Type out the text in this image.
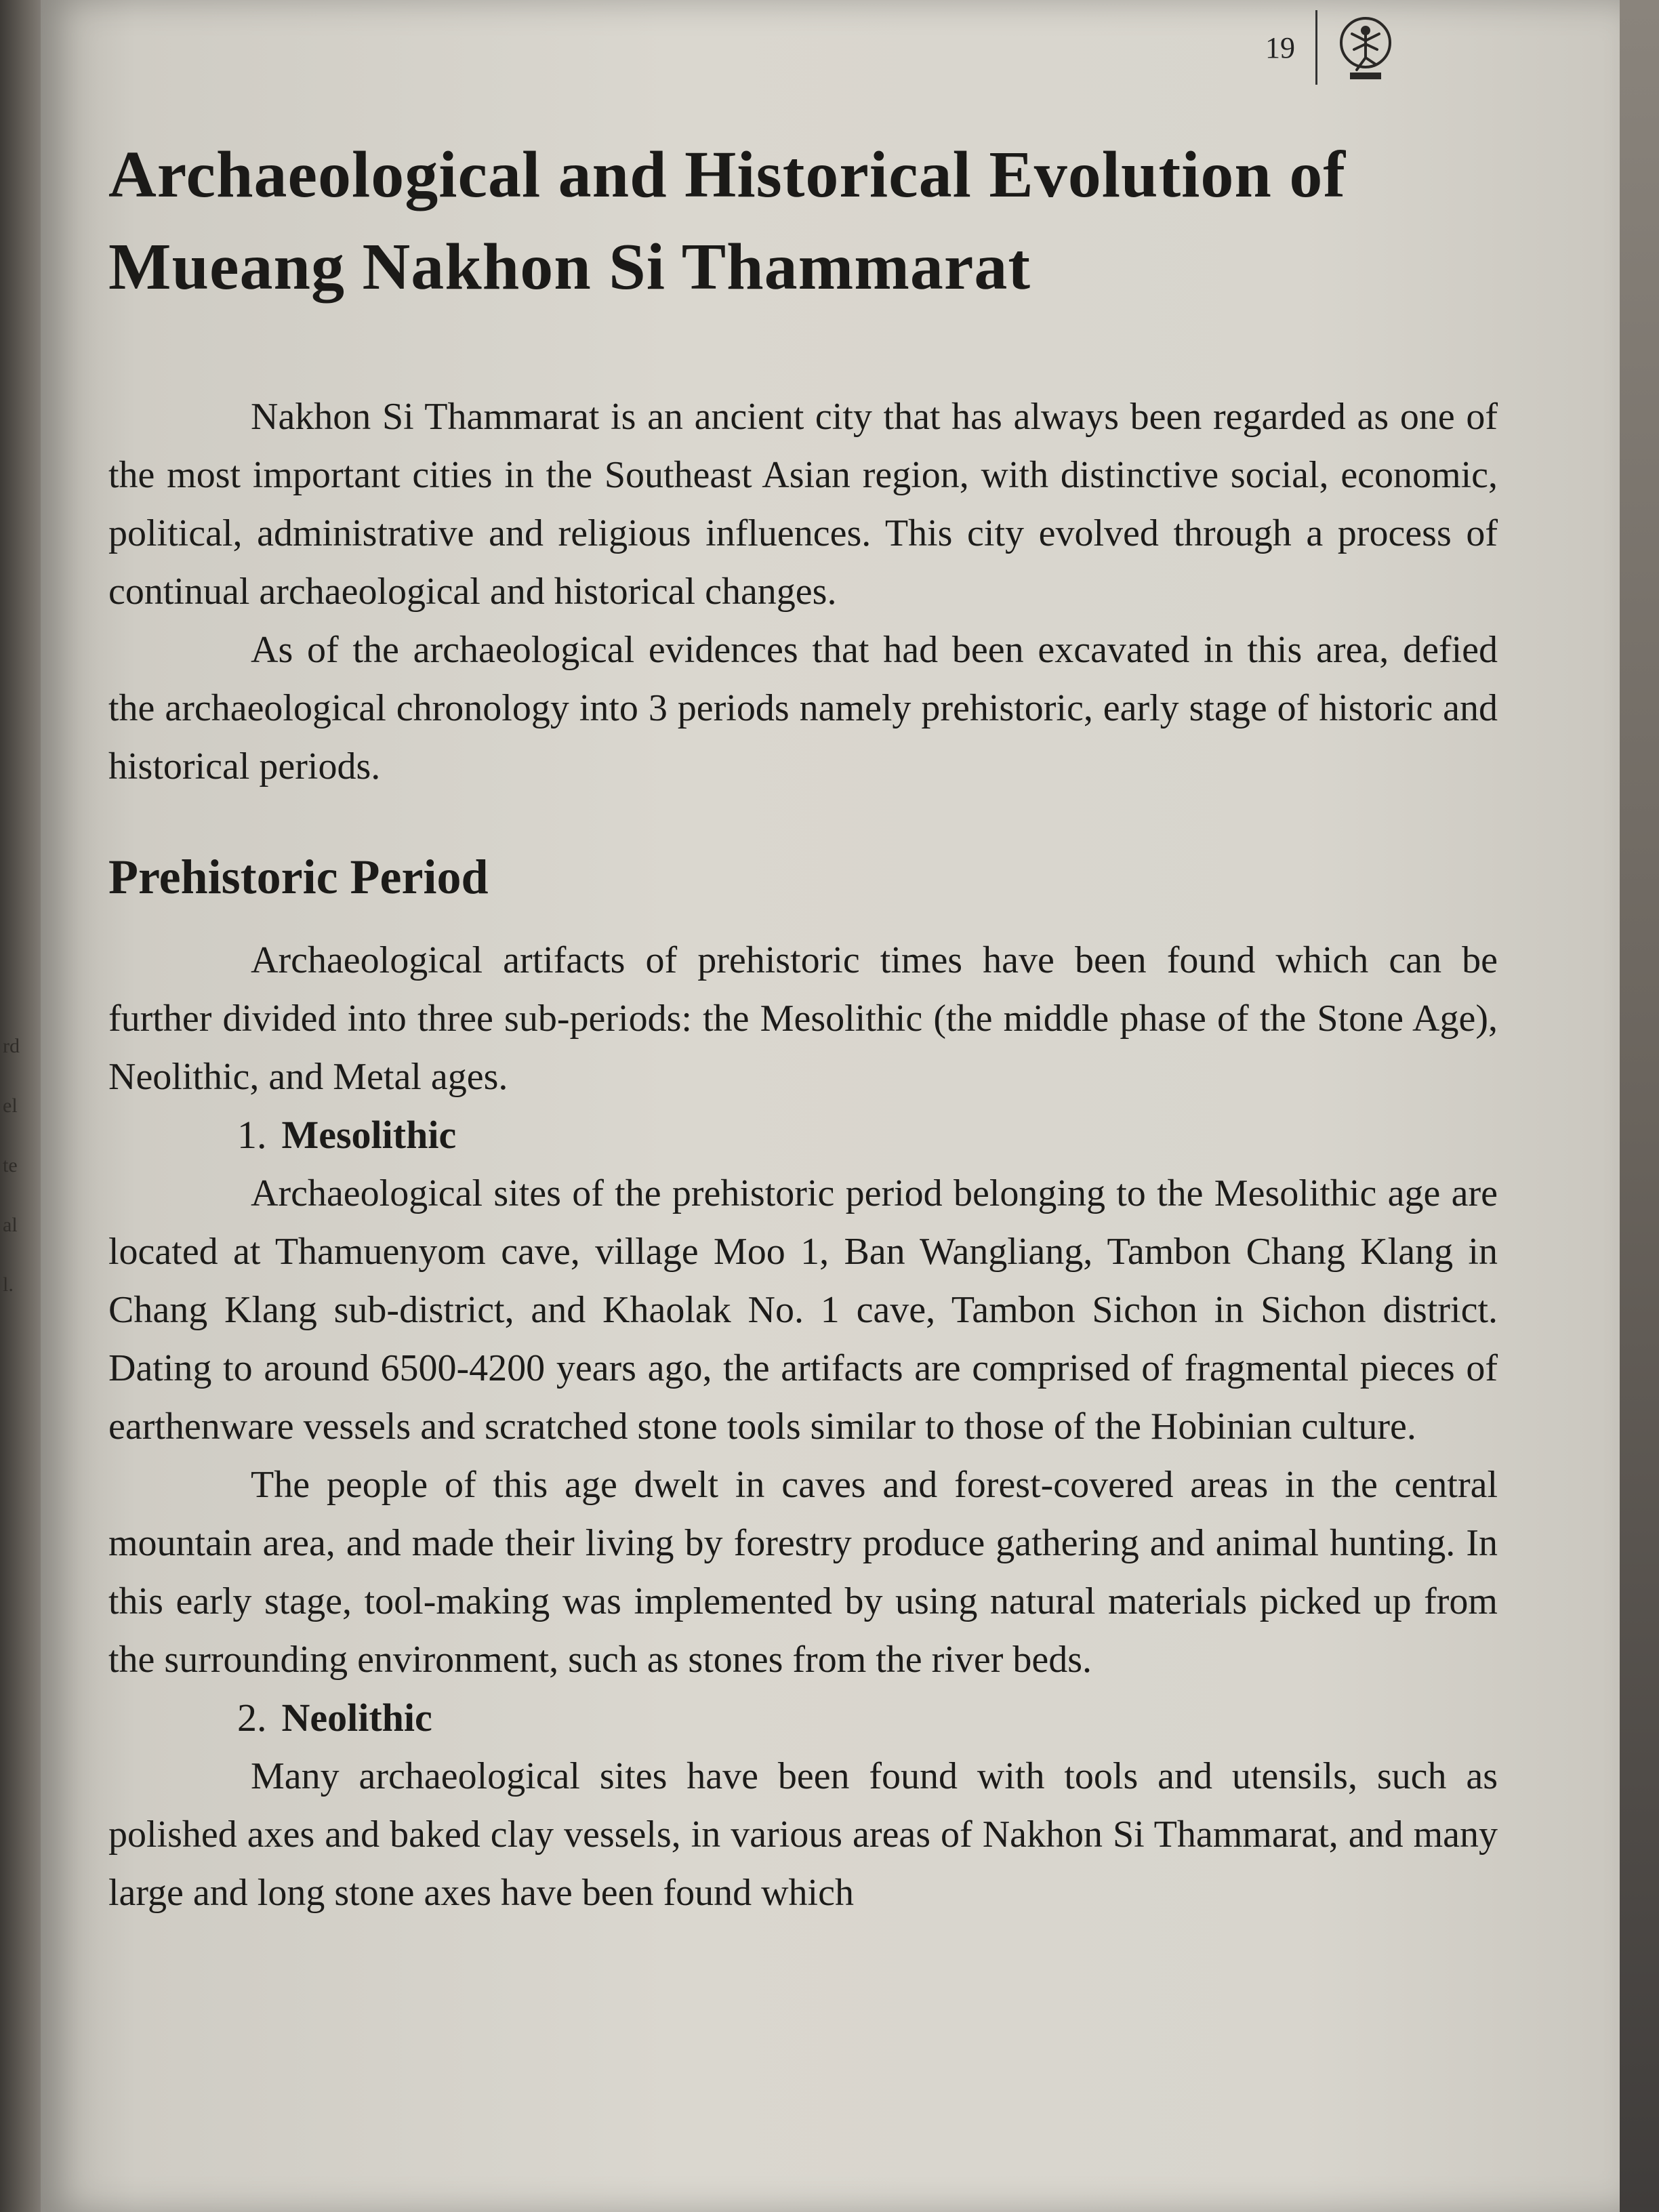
rd
el
te
al
l.
19
Archaeological and Historical Evolution of Mueang Nakhon Si Thammarat

Nakhon Si Thammarat is an ancient city that has always been regarded as one of the most important cities in the Southeast Asian region, with distinctive social, economic, political, administrative and religious influences. This city evolved through a process of continual archaeological and historical changes.

As of the archaeological evidences that had been excavated in this area, defied the archaeological chronology into 3 periods namely prehistoric, early stage of historic and historical periods.

Prehistoric Period

Archaeological artifacts of prehistoric times have been found which can be further divided into three sub-periods: the Mesolithic (the middle phase of the Stone Age), Neolithic, and Metal ages.

1. Mesolithic

Archaeological sites of the prehistoric period belonging to the Mesolithic age are located at Thamuenyom cave, village Moo 1, Ban Wangliang, Tambon Chang Klang in Chang Klang sub-district, and Khaolak No. 1 cave, Tambon Sichon in Sichon district. Dating to around 6500-4200 years ago, the artifacts are comprised of fragmental pieces of earthenware vessels and scratched stone tools similar to those of the Hobinian culture.

The people of this age dwelt in caves and forest-covered areas in the central mountain area, and made their living by forestry produce gathering and animal hunting. In this early stage, tool-making was implemented by using natural materials picked up from the surrounding environment, such as stones from the river beds.

2. Neolithic

Many archaeological sites have been found with tools and utensils, such as polished axes and baked clay vessels, in various areas of Nakhon Si Thammarat, and many large and long stone axes have been found which
